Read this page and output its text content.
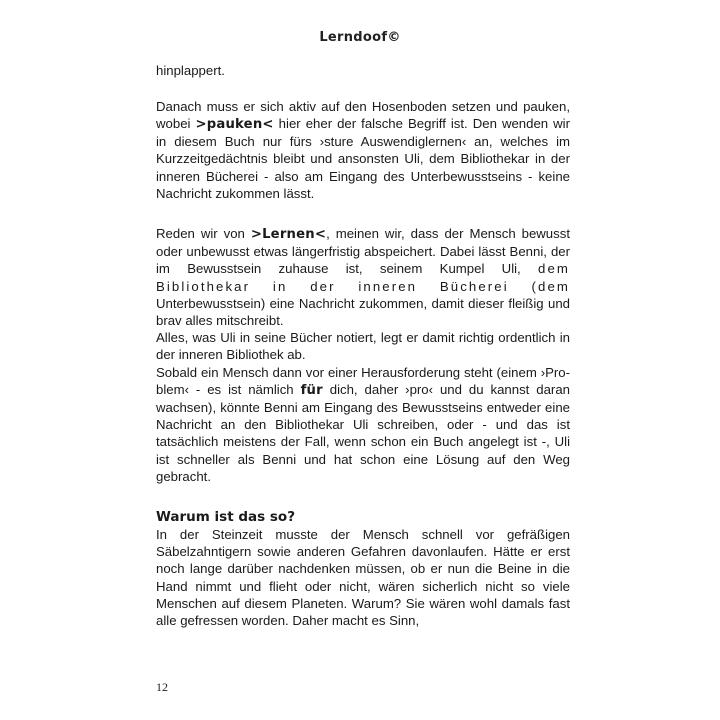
Lerndoof©

hinplappert.

Danach muss er sich aktiv auf den Hosenboden setzen und pauken, wobei >pauken< hier eher der falsche Begriff ist. Den wenden wir in diesem Buch nur fürs ›sture Auswendiglernen‹ an, welches im Kurzzeitgedächtnis bleibt und ansonsten Uli, dem Bibliothekar in der inneren Bücherei - also am Eingang des Unterbewusstseins - keine Nachricht zukommen lässt.

Reden wir von >Lernen<, meinen wir, dass der Mensch bewusst oder unbewusst etwas längerfristig abspeichert. Dabei lässt Benni, der im Bewusstsein zuhause ist, seinem Kumpel Uli, dem Bibliothekar in der inneren Bücherei (dem Unterbewusstsein) eine Nachricht zukommen, damit dieser fleißig und brav alles mitschreibt.

Alles, was Uli in seine Bücher notiert, legt er damit richtig ordentlich in der inneren Bibliothek ab.

Sobald ein Mensch dann vor einer Herausforderung steht (einem ›Pro-blem‹ - es ist nämlich für dich, daher ›pro‹ und du kannst daran wachsen), könnte Benni am Eingang des Bewusstseins entweder eine Nachricht an den Bibliothekar Uli schreiben, oder - und das ist tatsächlich meistens der Fall, wenn schon ein Buch angelegt ist -, Uli ist schneller als Benni und hat schon eine Lösung auf den Weg gebracht.

Warum ist das so?

In der Steinzeit musste der Mensch schnell vor gefräßigen Säbelzahntigern sowie anderen Gefahren davonlaufen. Hätte er erst noch lange darüber nachdenken müssen, ob er nun die Beine in die Hand nimmt und flieht oder nicht, wären sicherlich nicht so viele Menschen auf diesem Planeten. Warum? Sie wären wohl damals fast alle gefressen worden. Daher macht es Sinn,

12
